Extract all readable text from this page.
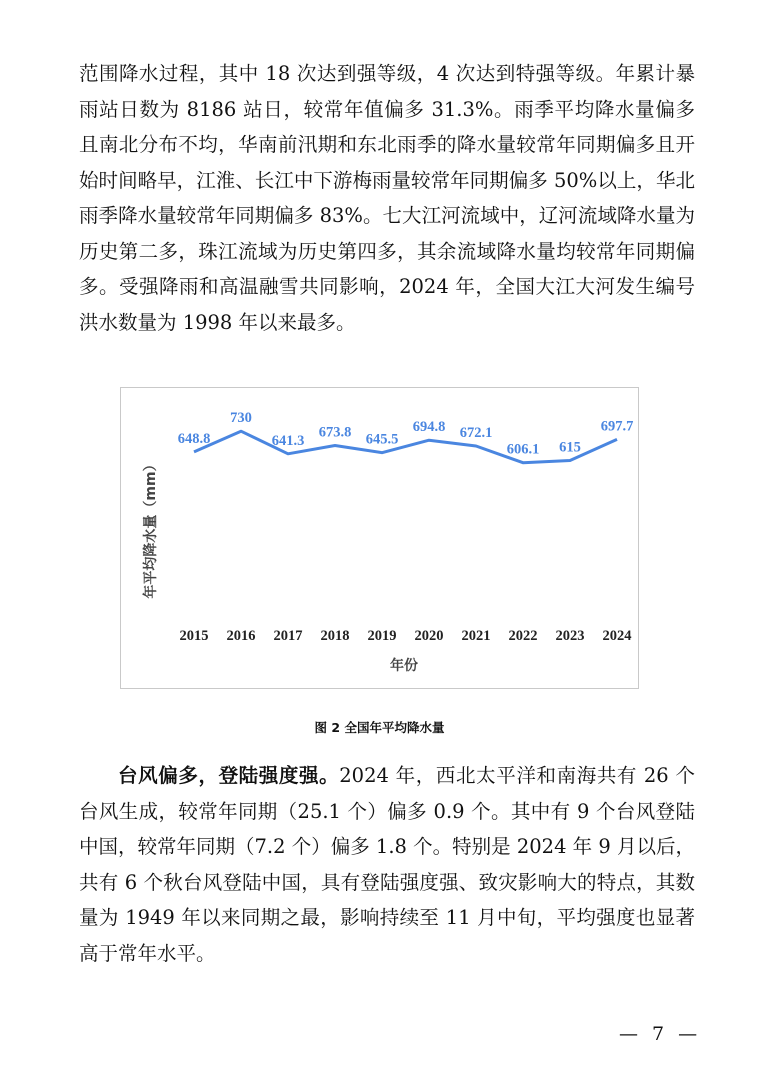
范围降水过程，其中 18 次达到强等级，4 次达到特强等级。年累计暴雨站日数为 8186 站日，较常年值偏多 31.3%。雨季平均降水量偏多且南北分布不均，华南前汛期和东北雨季的降水量较常年同期偏多且开始时间略早，江淮、长江中下游梅雨量较常年同期偏多 50%以上，华北雨季降水量较常年同期偏多 83%。七大江河流域中，辽河流域降水量为历史第二多，珠江流域为历史第四多，其余流域降水量均较常年同期偏多。受强降雨和高温融雪共同影响，2024 年，全国大江大河发生编号洪水数量为 1998 年以来最多。

648.8
730
641.3
673.8 645.5
694.8 672.1
606.1 615
697.7
2015 2016 2017 2018 2019 2020 2021 2022 2023 2024
年平均降水量（mm）
年份
图 2 全国年平均降水量

台风偏多，登陆强度强。2024 年，西北太平洋和南海共有 26 个台风生成，较常年同期（25.1 个）偏多 0.9 个。其中有 9 个台风登陆中国，较常年同期（7.2 个）偏多 1.8 个。特别是 2024 年 9 月以后，共有 6 个秋台风登陆中国，具有登陆强度强、致灾影响大的特点，其数量为 1949 年以来同期之最，影响持续至 11 月中旬，平均强度也显著高于常年水平。

— 7 —
